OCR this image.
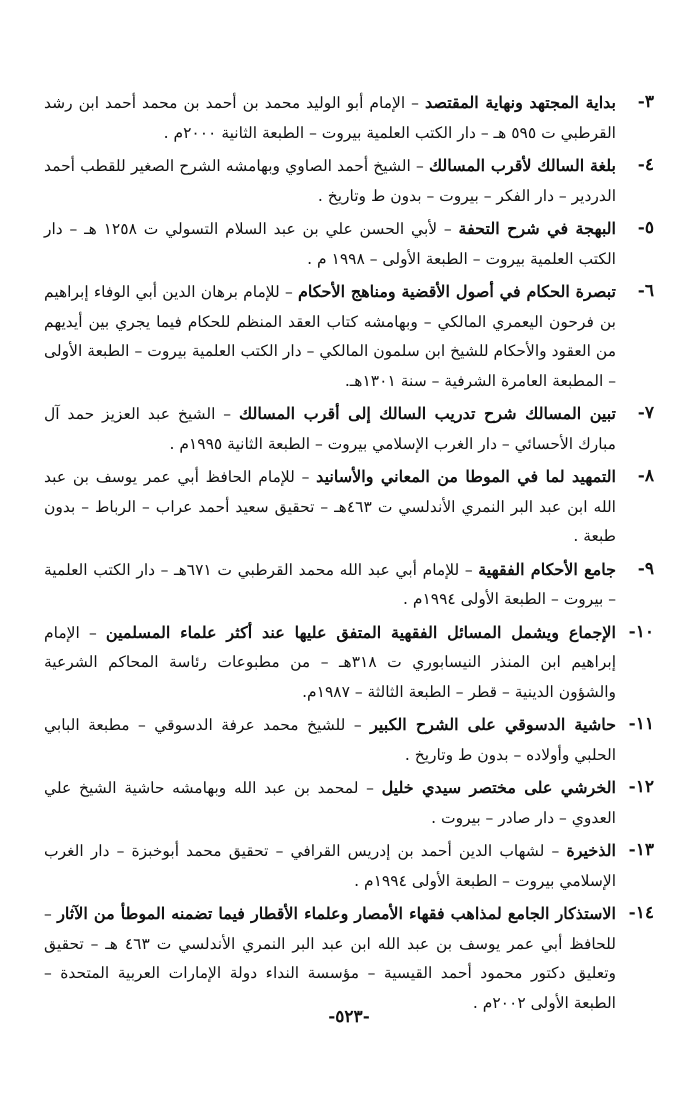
٣-
بداية المجتهد ونهاية المقتصد – الإمام أبو الوليد محمد بن أحمد بن محمد أحمد ابن رشد القرطبي ت ٥٩٥ هـ – دار الكتب العلمية بيروت – الطبعة الثانية ٢٠٠٠م .
٤-
بلغة السالك لأقرب المسالك – الشيخ أحمد الصاوي وبهامشه الشرح الصغير للقطب أحمد الدردير – دار الفكر – بيروت – بدون ط وتاريخ .
٥-
البهجة في شرح التحفة – لأبي الحسن علي بن عبد السلام التسولي ت ١٢٥٨ هـ – دار الكتب العلمية بيروت – الطبعة الأولى – ١٩٩٨ م .
٦-
تبصرة الحكام في أصول الأقضية ومناهج الأحكام – للإمام برهان الدين أبي الوفاء إبراهيم بن فرحون اليعمري المالكي – وبهامشه كتاب العقد المنظم للحكام فيما يجري بين أيديهم من العقود والأحكام للشيخ ابن سلمون المالكي – دار الكتب العلمية بيروت – الطبعة الأولى – المطبعة العامرة الشرفية – سنة ١٣٠١هـ.
٧-
تبين المسالك شرح تدريب السالك إلى أقرب المسالك – الشيخ عبد العزيز حمد آل مبارك الأحسائي – دار الغرب الإسلامي بيروت – الطبعة الثانية ١٩٩٥م .
٨-
التمهيد لما في الموطا من المعاني والأسانيد – للإمام الحافظ أبي عمر يوسف بن عبد الله ابن عبد البر النمري الأندلسي ت ٤٦٣هـ – تحقيق سعيد أحمد عراب – الرباط – بدون طبعة .
٩-
جامع الأحكام الفقهية – للإمام أبي عبد الله محمد القرطبي ت ٦٧١هـ – دار الكتب العلمية – بيروت – الطبعة الأولى ١٩٩٤م .
١٠-
الإجماع ويشمل المسائل الفقهية المتفق عليها عند أكثر علماء المسلمين – الإمام إبراهيم ابن المنذر النيسابوري ت ٣١٨هـ – من مطبوعات رئاسة المحاكم الشرعية والشؤون الدينية – قطر – الطبعة الثالثة – ١٩٨٧م.
١١-
حاشية الدسوقي على الشرح الكبير – للشيخ محمد عرفة الدسوقي – مطبعة البابي الحلبي وأولاده – بدون ط وتاريخ .
١٢-
الخرشي على مختصر سيدي خليل – لمحمد بن عبد الله وبهامشه حاشية الشيخ علي العدوي – دار صادر – بيروت .
١٣-
الذخيرة – لشهاب الدين أحمد بن إدريس القرافي – تحقيق محمد أبوخبزة – دار الغرب الإسلامي بيروت – الطبعة الأولى ١٩٩٤م .
١٤-
الاستذكار الجامع لمذاهب فقهاء الأمصار وعلماء الأقطار فيما تضمنه الموطأ من الآثار – للحافظ أبي عمر يوسف بن عبد الله ابن عبد البر النمري الأندلسي ت ٤٦٣ هـ – تحقيق وتعليق دكتور محمود أحمد القيسية – مؤسسة النداء دولة الإمارات العربية المتحدة – الطبعة الأولى ٢٠٠٢م .
-٥٢٣-
